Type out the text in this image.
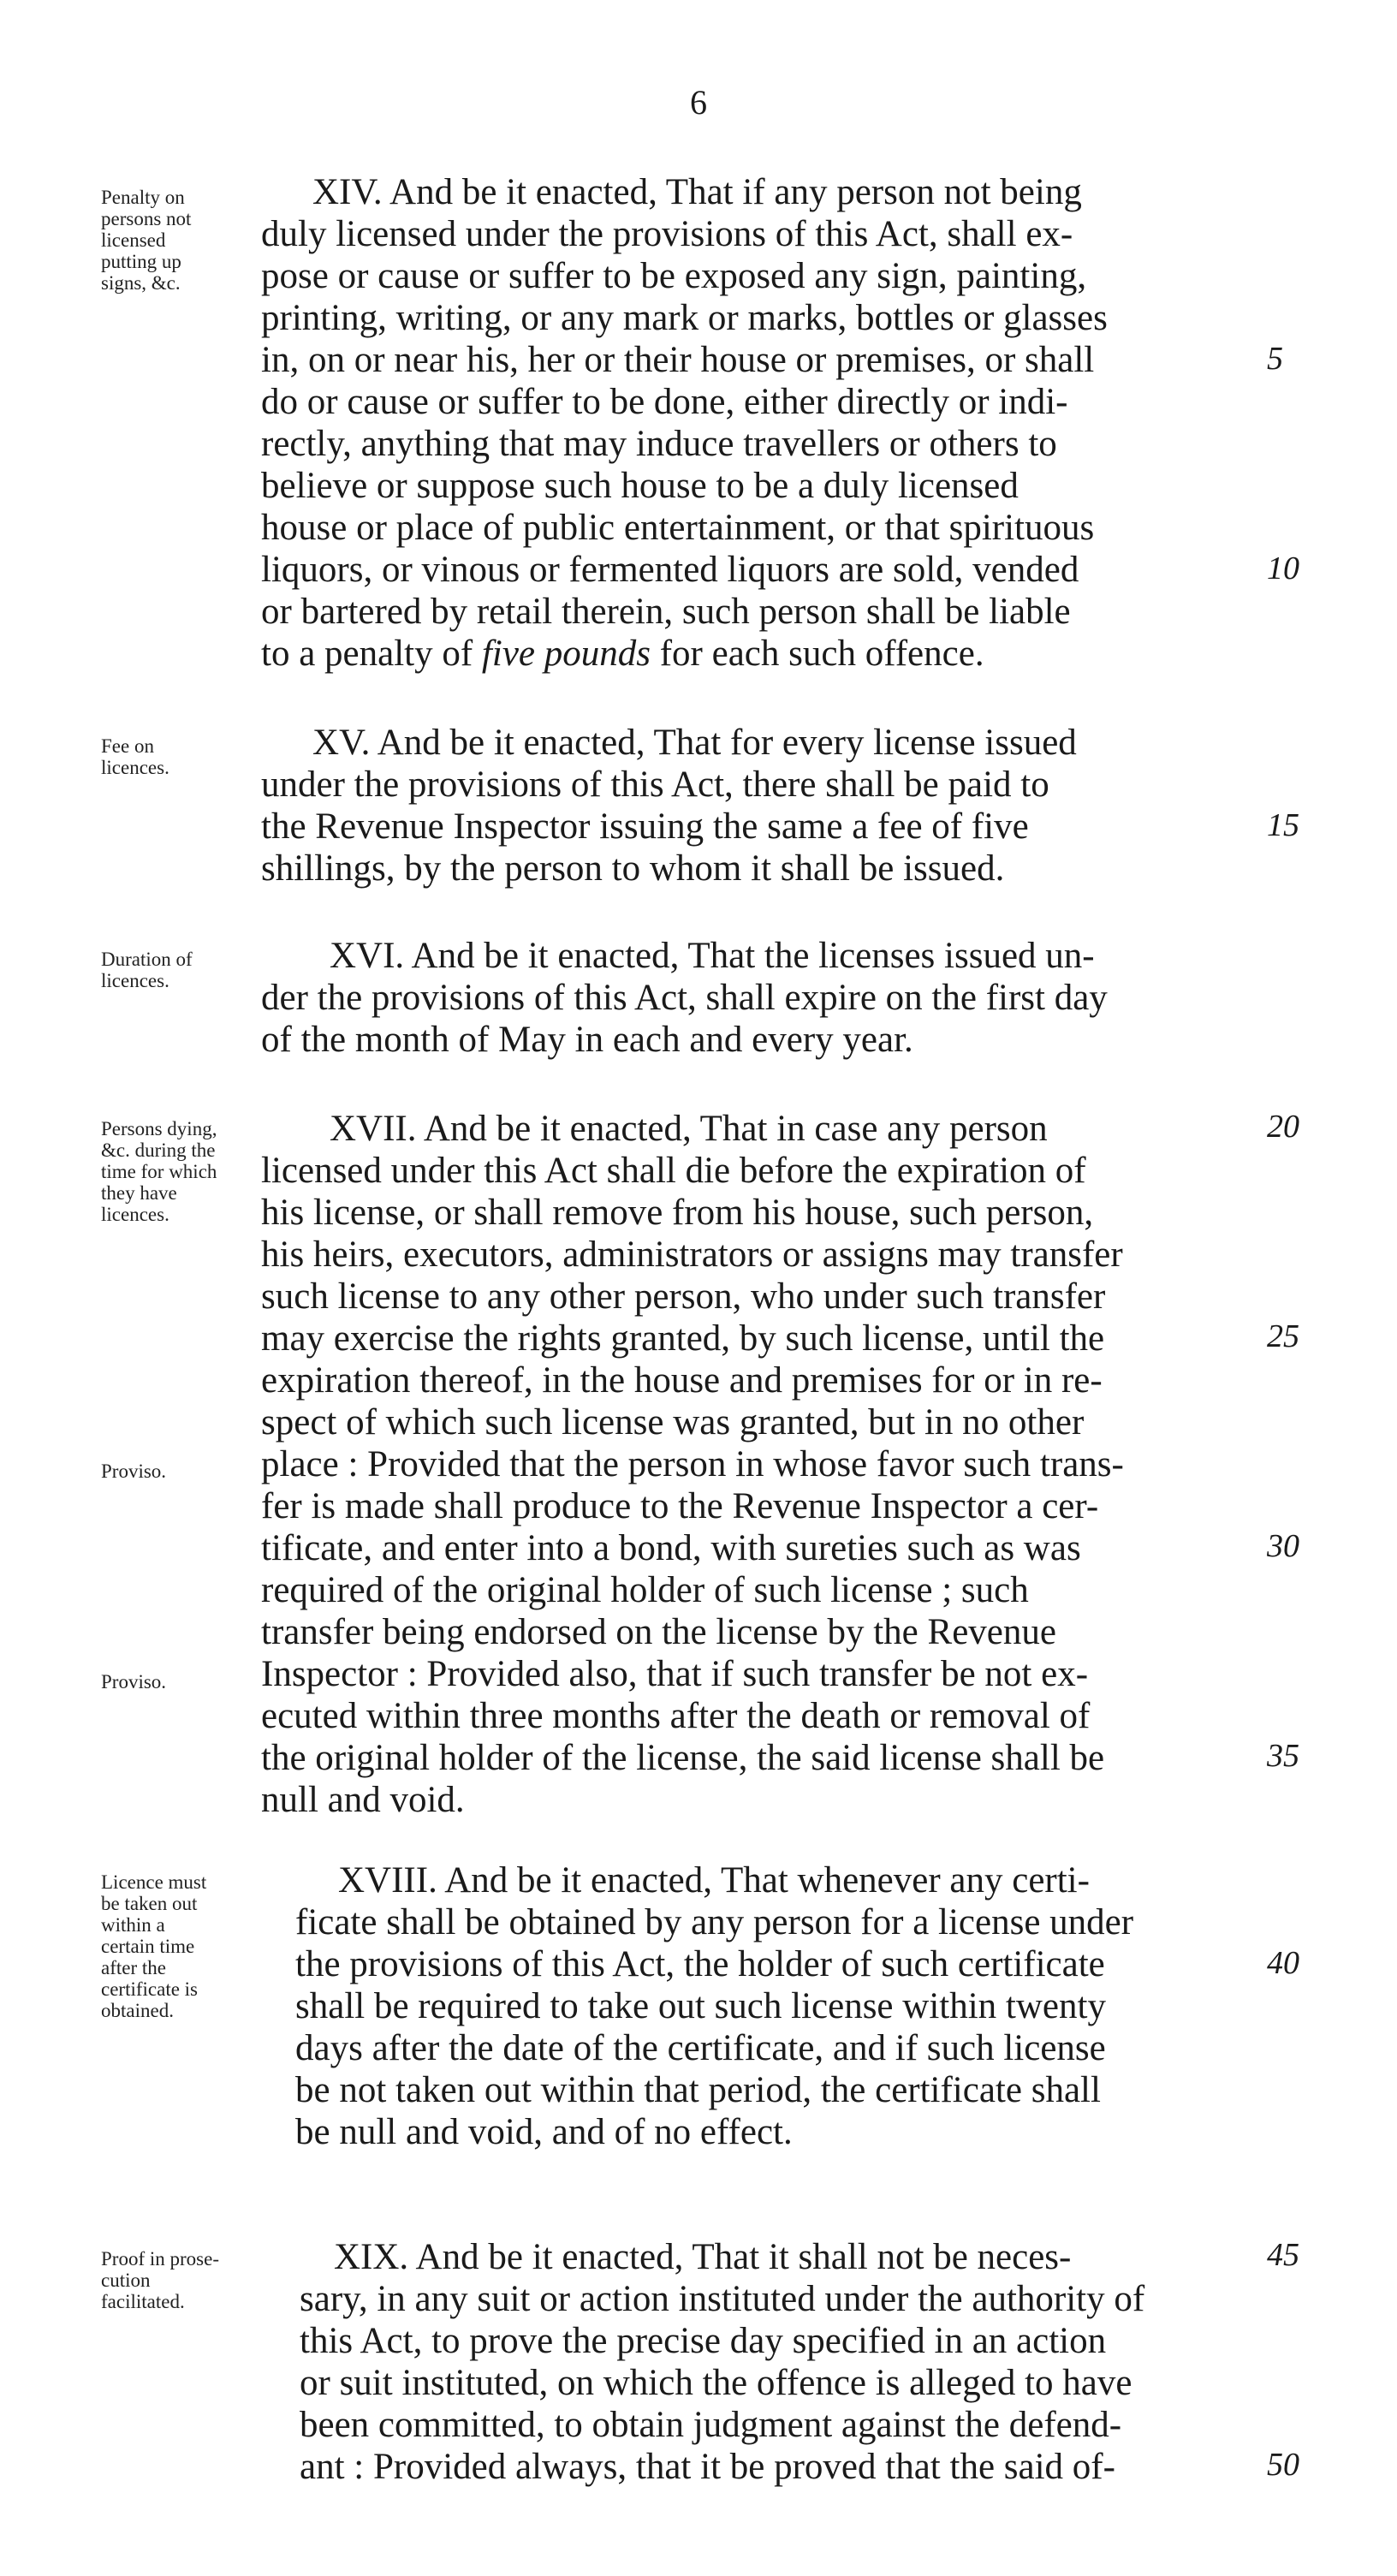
6
Penalty on
persons not
licensed
putting up
signs, &c.
XIV. And be it enacted, That if any person not being
duly licensed under the provisions of this Act, shall ex-
pose or cause or suffer to be exposed any sign, painting,
printing, writing, or any mark or marks, bottles or glasses
in, on or near his, her or their house or premises, or shall
do or cause or suffer to be done, either directly or indi-
rectly, anything that may induce travellers or others to
believe or suppose such house to be a duly licensed
house or place of public entertainment, or that spirituous
liquors, or vinous or fermented liquors are sold, vended
or bartered by retail therein, such person shall be liable
to a penalty of five pounds for each such offence.
5
10
Fee on
licences.
XV. And be it enacted, That for every license issued
under the provisions of this Act, there shall be paid to
the Revenue Inspector issuing the same a fee of five
shillings, by the person to whom it shall be issued.
15
Duration of
licences.
XVI. And be it enacted, That the licenses issued un-
der the provisions of this Act, shall expire on the first day
of the month of May in each and every year.
Persons dying,
&c. during the
time for which
they have
licences.
Proviso.
Proviso.
XVII. And be it enacted, That in case any person
licensed under this Act shall die before the expiration of
his license, or shall remove from his house, such person,
his heirs, executors, administrators or assigns may transfer
such license to any other person, who under such transfer
may exercise the rights granted, by such license, until the
expiration thereof, in the house and premises for or in re-
spect of which such license was granted, but in no other
place : Provided that the person in whose favor such trans-
fer is made shall produce to the Revenue Inspector a cer-
tificate, and enter into a bond, with sureties such as was
required of the original holder of such license ; such
transfer being endorsed on the license by the Revenue
Inspector : Provided also, that if such transfer be not ex-
ecuted within three months after the death or removal of
the original holder of the license, the said license shall be
null and void.
20
25
30
35
Licence must
be taken out
within a
certain time
after the
certificate is
obtained.
XVIII. And be it enacted, That whenever any certi-
ficate shall be obtained by any person for a license under
the provisions of this Act, the holder of such certificate
shall be required to take out such license within twenty
days after the date of the certificate, and if such license
be not taken out within that period, the certificate shall
be null and void, and of no effect.
40
Proof in prose-
cution
facilitated.
XIX. And be it enacted, That it shall not be neces-
sary, in any suit or action instituted under the authority of
this Act, to prove the precise day specified in an action
or suit instituted, on which the offence is alleged to have
been committed, to obtain judgment against the defend-
ant : Provided always, that it be proved that the said of-
45
50
